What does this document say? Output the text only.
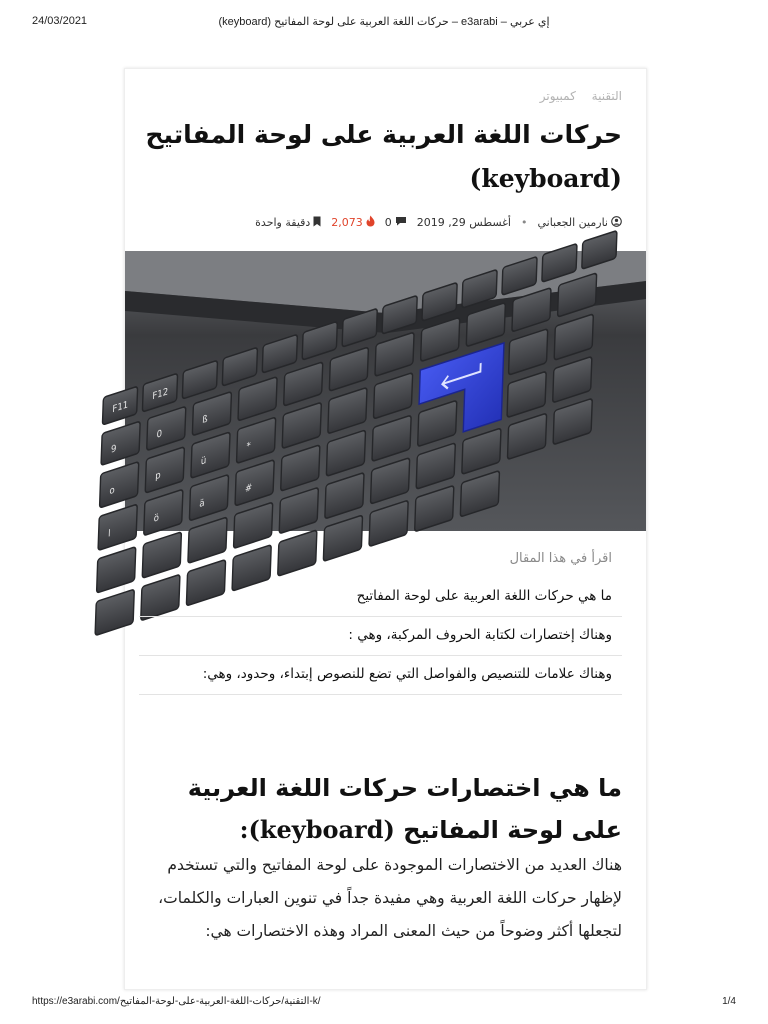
24/03/2021	(keyboard) حركات اللغة العربية على لوحة المفاتيح – e3arabi – إي عربي
التقنية كمبيوتر
حركات اللغة العربية على لوحة المفاتيح
(keyboard)
نارمين الجعباني
•
أغسطس 29, 2019
0
2,073
دقيقة واحدة
F11
F12
9
0
ß
o
p
ü
*
l
ö
ä
#
اقرأ في هذا المقال
ما هي حركات اللغة العربية على لوحة المفاتيح
وهناك إختصارات لكتابة الحروف المركبة، وهي :
وهناك علامات للتنصيص والفواصل التي تضع للنصوص إبتداء، وحدود، وهي:
ما هي اختصارات حركات اللغة العربية على لوحة المفاتيح (keyboard):

هناك العديد من الاختصارات الموجودة على لوحة المفاتيح والتي تستخدم لإظهار حركات اللغة العربية وهي مفيدة جداً في تنوين العبارات والكلمات، لتجعلها أكثر وضوحاً من حيث المعنى المراد وهذه الاختصارات هي:

https://e3arabi.com/التقنية/حركات-اللغة-العربية-على-لوحة-المفاتيح-k/	1/4
